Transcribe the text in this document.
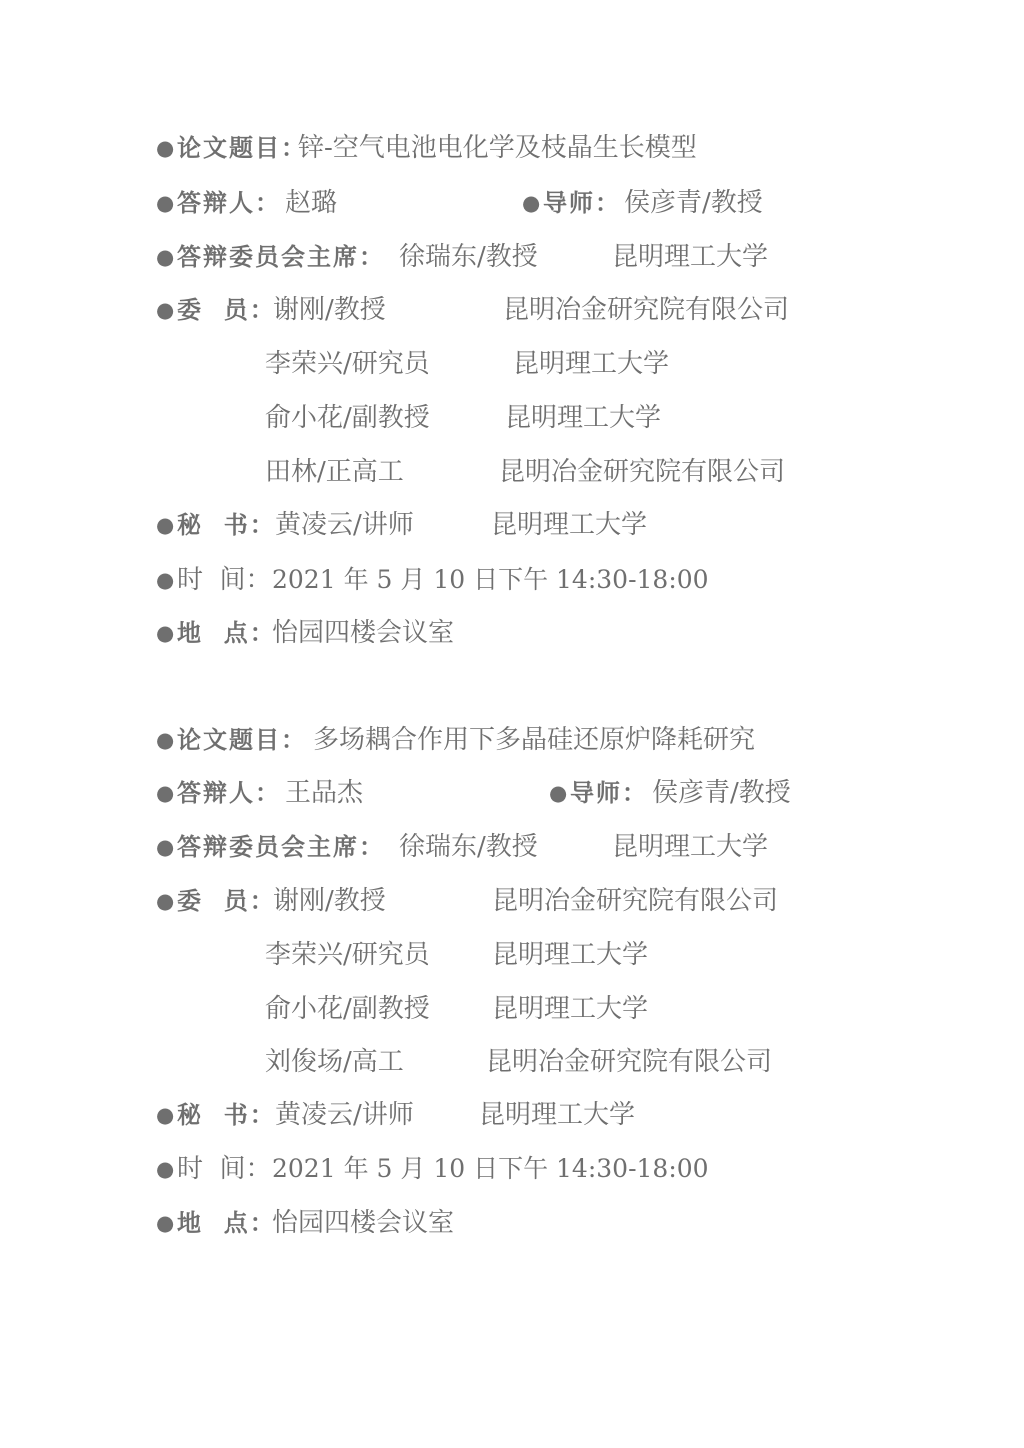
● 论文题目：
锌-空气电池电化学及枝晶生长模型
● 答辩人： 赵璐	● 导师： 侯彦青/教授
● 答辩委员会主席： 徐瑞东/教授	昆明理工大学
● 委  员：
谢刚/教授	昆明冶金研究院有限公司
李荣兴/研究员	昆明理工大学
俞小花/副教授	昆明理工大学
田林/正高工	昆明冶金研究院有限公司
● 秘  书： 黄凌云/讲师	昆明理工大学
● 时  间： 2021 年 5 月 10 日下午 14:30-18:00
● 地  点：
怡园四楼会议室
● 论文题目： 多场耦合作用下多晶硅还原炉降耗研究
● 答辩人： 王品杰	● 导师： 侯彦青/教授
● 答辩委员会主席： 徐瑞东/教授	昆明理工大学
● 委  员：
谢刚/教授	昆明冶金研究院有限公司
李荣兴/研究员 昆明理工大学
俞小花/副教授 昆明理工大学
刘俊场/高工	昆明冶金研究院有限公司
● 秘  书： 黄凌云/讲师	昆明理工大学
● 时  间： 2021 年 5 月 10 日下午 14:30-18:00
● 地  点：
怡园四楼会议室
